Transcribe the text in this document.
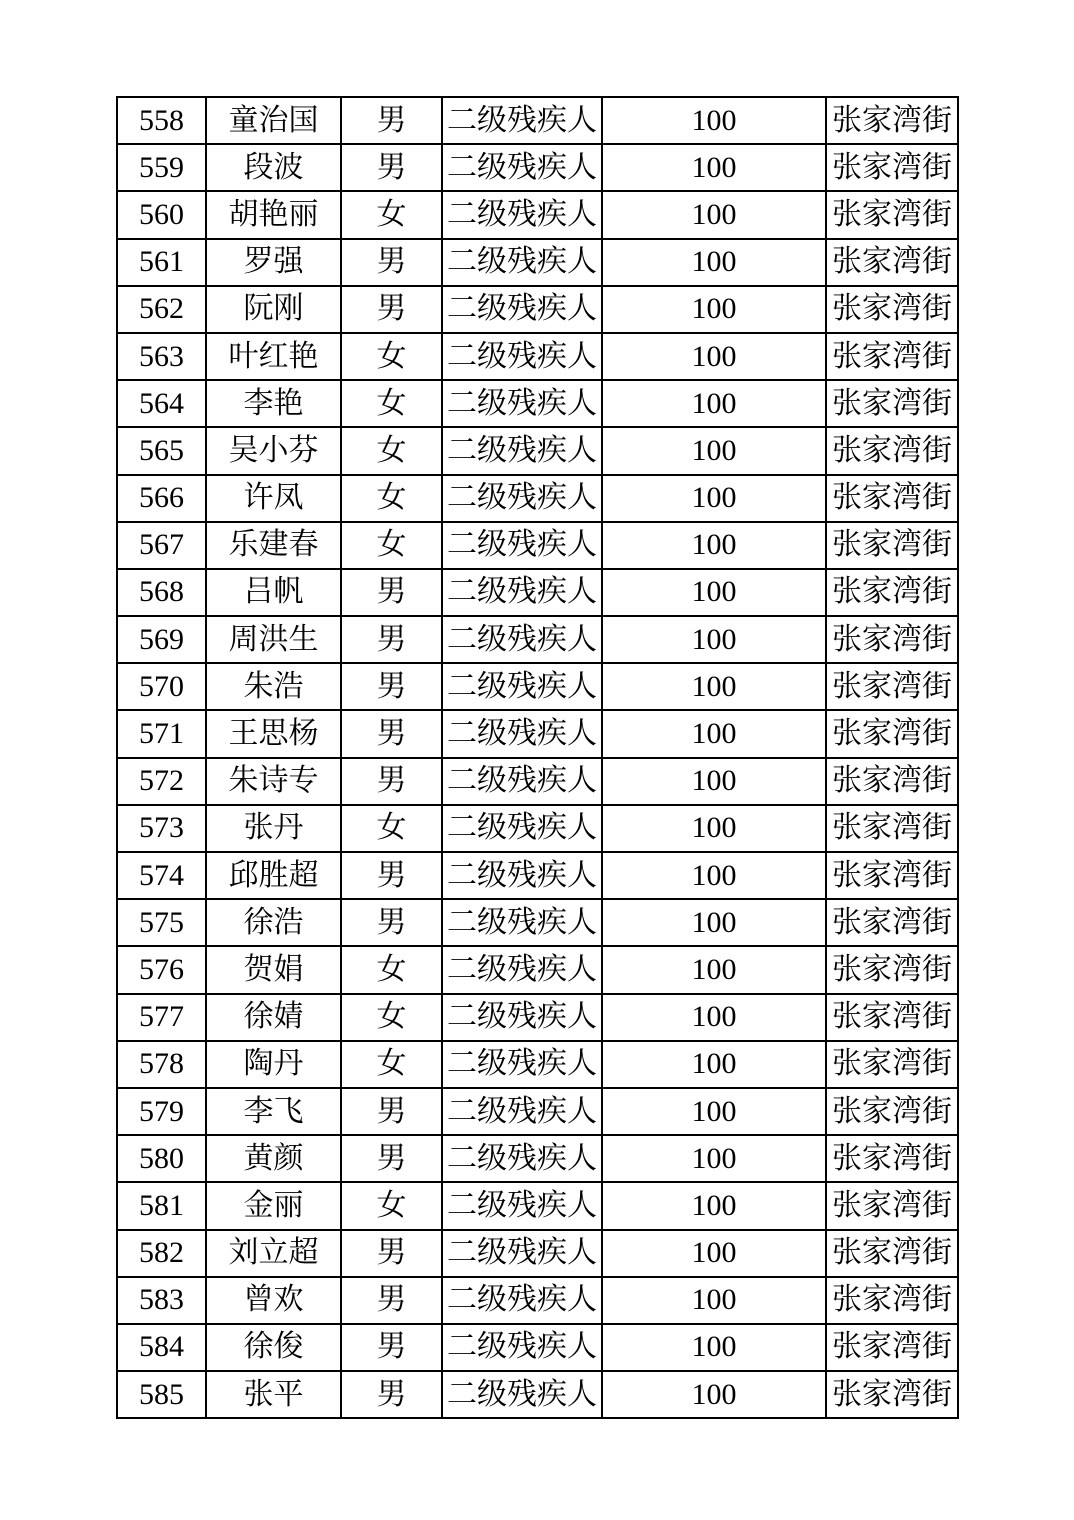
558	童治国	男	二级残疾人	100	张家湾街
559	段波	男	二级残疾人	100	张家湾街
560	胡艳丽	女	二级残疾人	100	张家湾街
561	罗强	男	二级残疾人	100	张家湾街
562	阮刚	男	二级残疾人	100	张家湾街
563	叶红艳	女	二级残疾人	100	张家湾街
564	李艳	女	二级残疾人	100	张家湾街
565	吴小芬	女	二级残疾人	100	张家湾街
566	许凤	女	二级残疾人	100	张家湾街
567	乐建春	女	二级残疾人	100	张家湾街
568	吕帆	男	二级残疾人	100	张家湾街
569	周洪生	男	二级残疾人	100	张家湾街
570	朱浩	男	二级残疾人	100	张家湾街
571	王思杨	男	二级残疾人	100	张家湾街
572	朱诗专	男	二级残疾人	100	张家湾街
573	张丹	女	二级残疾人	100	张家湾街
574	邱胜超	男	二级残疾人	100	张家湾街
575	徐浩	男	二级残疾人	100	张家湾街
576	贺娟	女	二级残疾人	100	张家湾街
577	徐婧	女	二级残疾人	100	张家湾街
578	陶丹	女	二级残疾人	100	张家湾街
579	李飞	男	二级残疾人	100	张家湾街
580	黄颜	男	二级残疾人	100	张家湾街
581	金丽	女	二级残疾人	100	张家湾街
582	刘立超	男	二级残疾人	100	张家湾街
583	曾欢	男	二级残疾人	100	张家湾街
584	徐俊	男	二级残疾人	100	张家湾街
585	张平	男	二级残疾人	100	张家湾街
